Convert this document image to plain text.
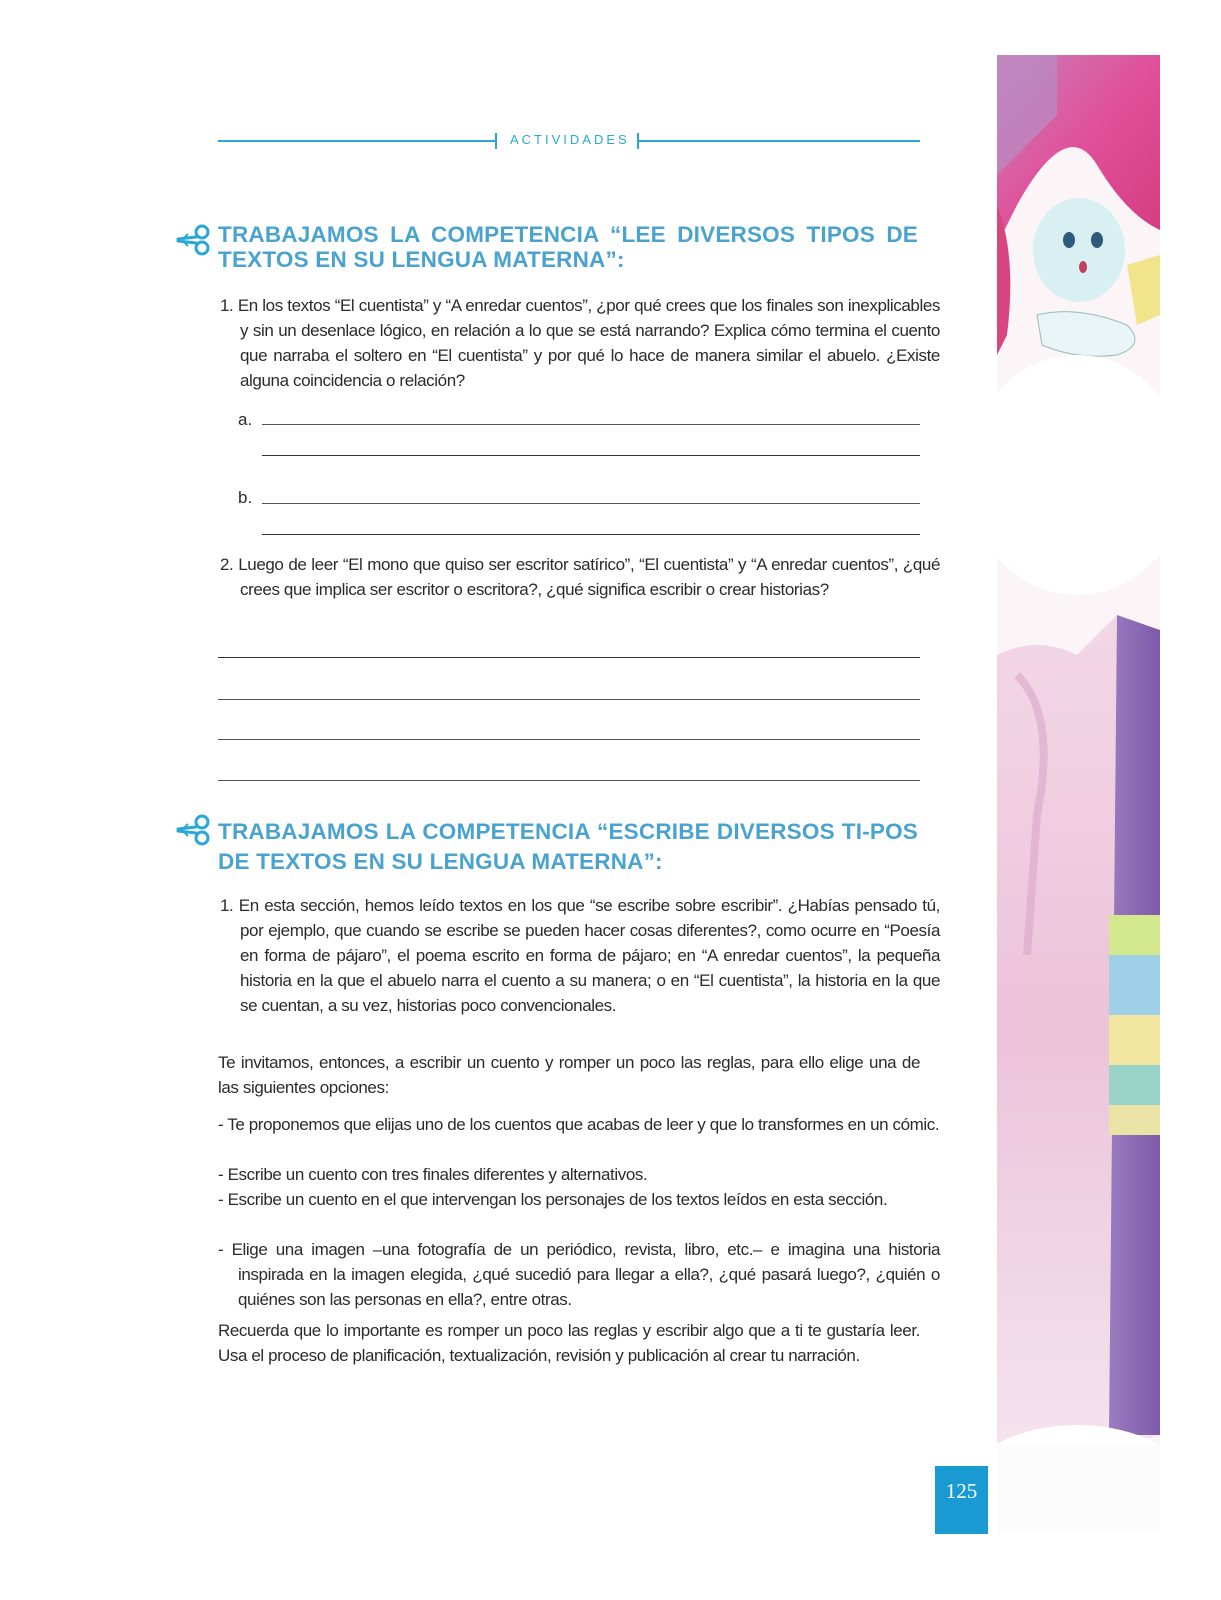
ACTIVIDADES
TRABAJAMOS LA COMPETENCIA “LEE DIVERSOS TIPOS DE TEXTOS EN SU LENGUA MATERNA”:
1. En los textos “El cuentista” y “A enredar cuentos”, ¿por qué crees que los finales son inexplicables y sin un desenlace lógico, en relación a lo que se está narrando? Explica cómo termina el cuento que narraba el soltero en “El cuentista” y por qué lo hace de manera similar el abuelo. ¿Existe alguna coincidencia o relación?
a.
b.
2. Luego de leer “El mono que quiso ser escritor satírico”, “El cuentista” y “A enredar cuentos”, ¿qué crees que implica ser escritor o escritora?, ¿qué significa escribir o crear historias?
TRABAJAMOS LA COMPETENCIA “ESCRIBE DIVERSOS TI-POS DE TEXTOS EN SU LENGUA MATERNA”:
1. En esta sección, hemos leído textos en los que “se escribe sobre escribir”. ¿Habías pensado tú, por ejemplo, que cuando se escribe se pueden hacer cosas diferentes?, como ocurre en “Poesía en forma de pájaro”, el poema escrito en forma de pájaro; en “A enredar cuentos”, la pequeña historia en la que el abuelo narra el cuento a su manera; o en “El cuentista”, la historia en la que se cuentan, a su vez, historias poco convencionales.
Te invitamos, entonces, a escribir un cuento y romper un poco las reglas, para ello elige una de las siguientes opciones:
- Te proponemos que elijas uno de los cuentos que acabas de leer y que lo transformes en un cómic.
- Escribe un cuento con tres finales diferentes y alternativos.
- Escribe un cuento en el que intervengan los personajes de los textos leídos en esta sección.
- Elige una imagen –una fotografía de un periódico, revista, libro, etc.– e imagina una historia inspirada en la imagen elegida, ¿qué sucedió para llegar a ella?, ¿qué pasará luego?, ¿quién o quiénes son las personas en ella?, entre otras.
Recuerda que lo importante es romper un poco las reglas y escribir algo que a ti te gustaría leer. Usa el proceso de planificación, textualización, revisión y publicación al crear tu narración.
125
